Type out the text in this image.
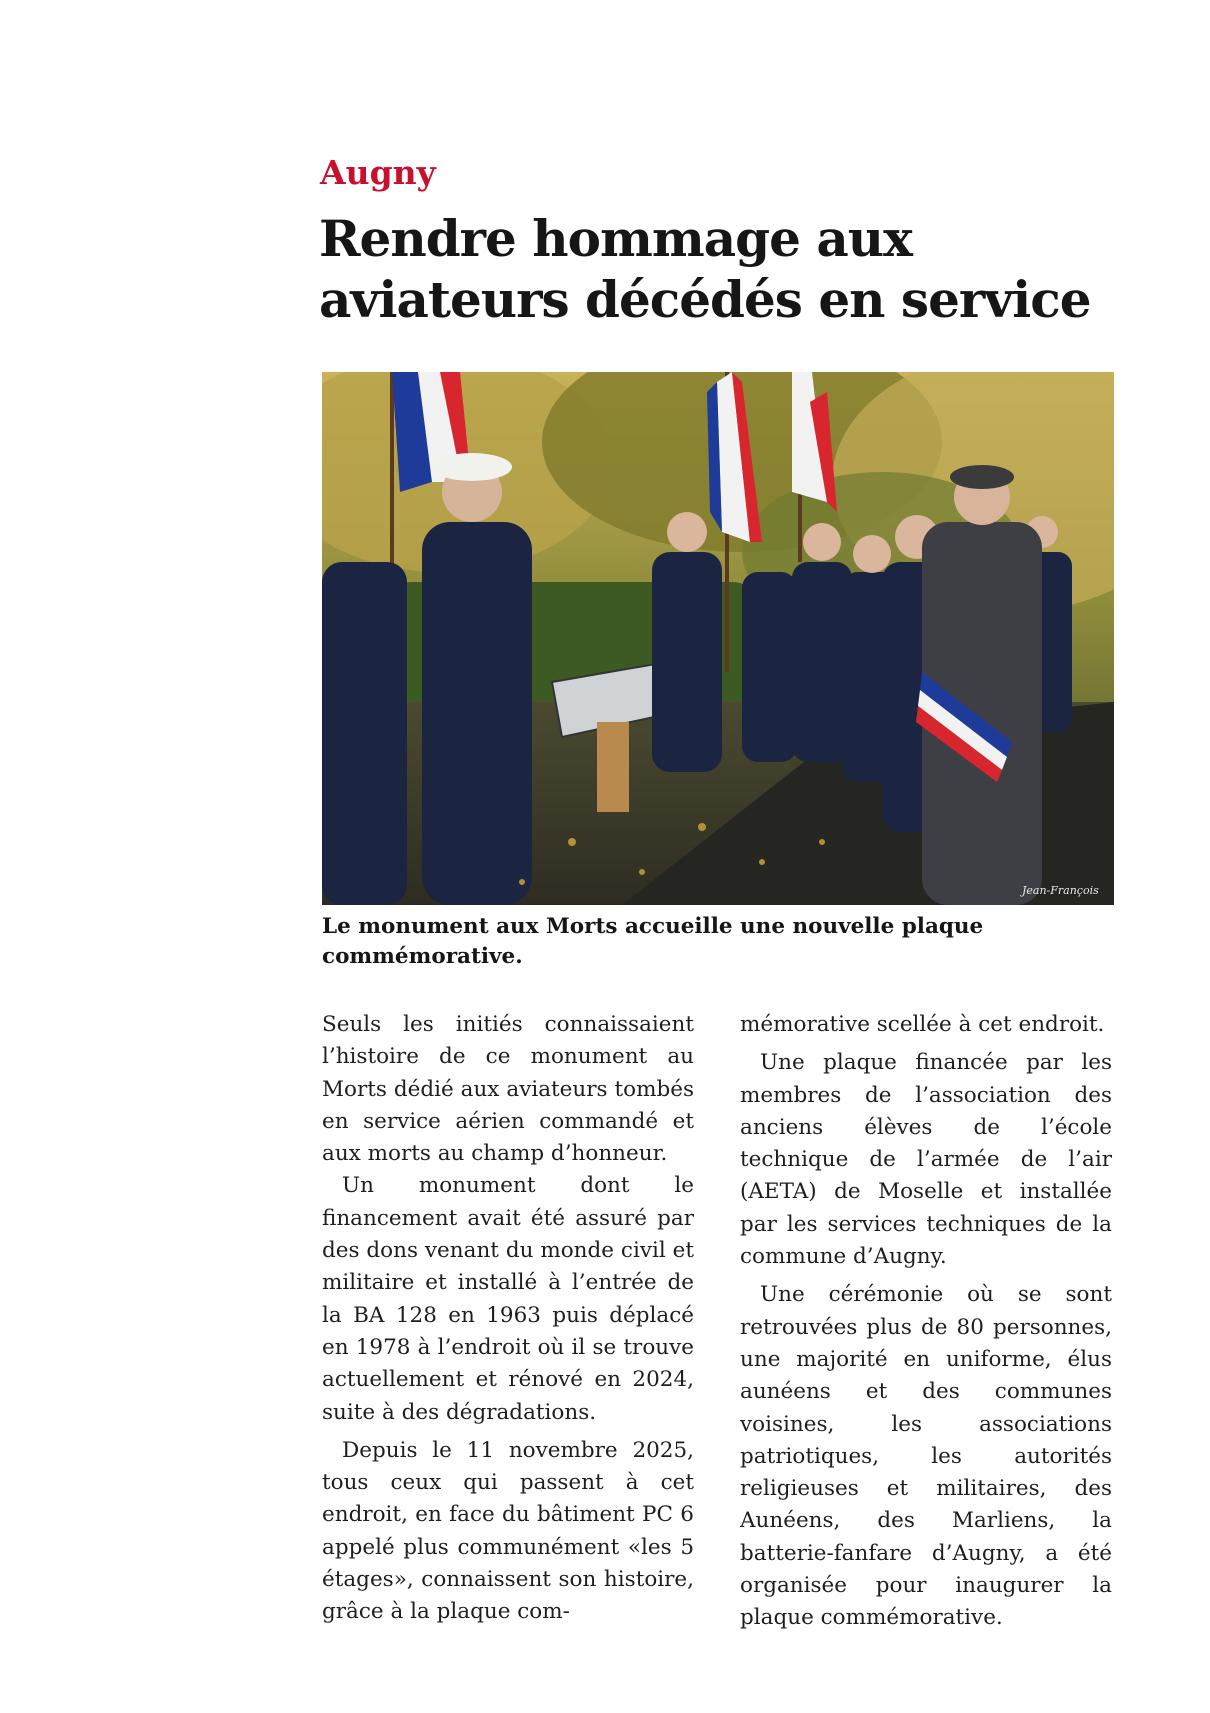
Augny
Rendre hommage aux
aviateurs décédés en service
Jean-François

Le monument aux Morts accueille une nouvelle plaque commémorative.

Seuls les initiés connaissaient l’histoire de ce monument au Morts dédié aux aviateurs tombés en service aérien commandé et aux morts au champ d’honneur.

Un monument dont le financement avait été assuré par des dons venant du monde civil et militaire et installé à l’entrée de la BA 128 en 1963 puis déplacé en 1978 à l’endroit où il se trouve actuellement et rénové en 2024, suite à des dégradations.

Depuis le 11 novembre 2025, tous ceux qui passent à cet endroit, en face du bâtiment PC 6 appelé plus communément «les 5 étages», connaissent son histoire, grâce à la plaque com-

mémorative scellée à cet endroit.

Une plaque financée par les membres de l’association des anciens élèves de l’école technique de l’armée de l’air (AETA) de Moselle et installée par les services techniques de la commune d’Augny.

Une cérémonie où se sont retrouvées plus de 80 personnes, une majorité en uniforme, élus aunéens et des communes voisines, les associations patriotiques, les autorités religieuses et militaires, des Aunéens, des Marliens, la batterie-fanfare d’Augny, a été organisée pour inaugurer la plaque commémorative.
